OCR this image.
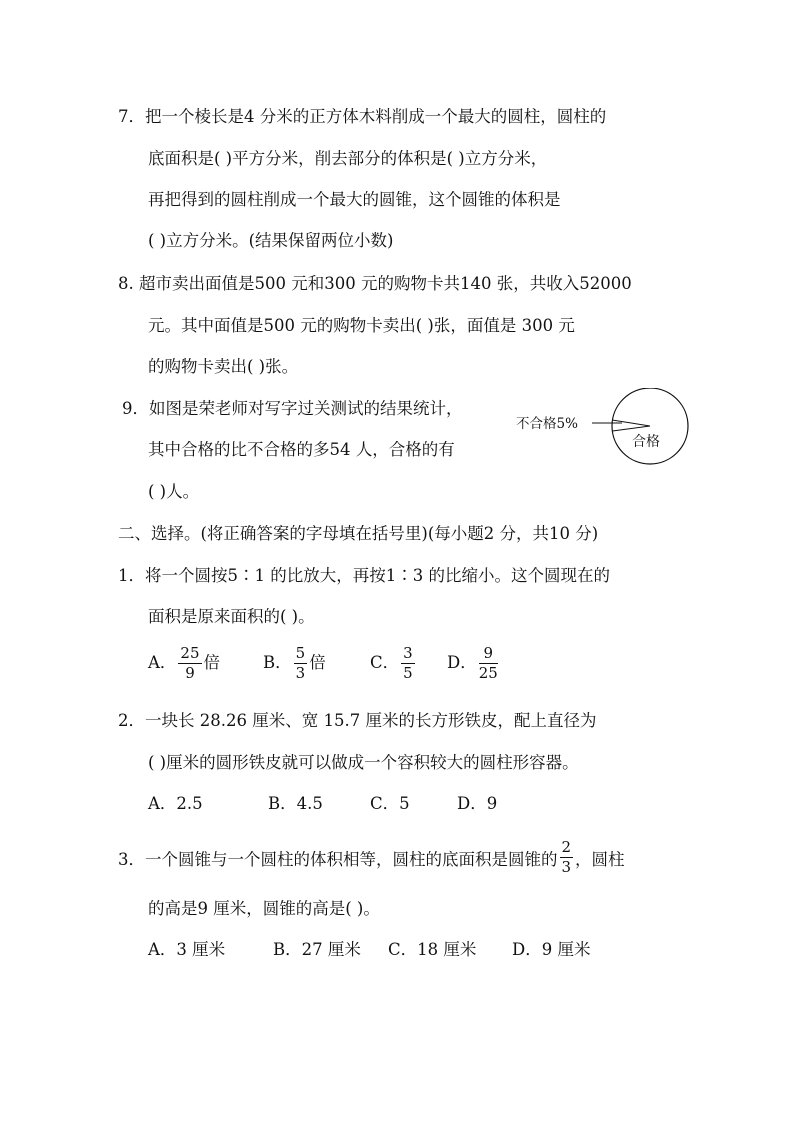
7．把一个棱长是4 分米的正方体木料削成一个最大的圆柱，圆柱的
底面积是( )平方分米，削去部分的体积是( )立方分米，
再把得到的圆柱削成一个最大的圆锥，这个圆锥的体积是
( )立方分米。(结果保留两位小数)
8. 超市卖出面值是500 元和300 元的购物卡共140 张，共收入52000
元。其中面值是500 元的购物卡卖出( )张，面值是 300 元
的购物卡卖出( )张。
9．如图是荣老师对写字过关测试的结果统计，
其中合格的比不合格的多54 人，合格的有
( )人。
不合格5%
合格
二、选择。(将正确答案的字母填在括号里)(每小题2 分，共10 分)
1．将一个圆按5∶1 的比放大，再按1∶3 的比缩小。这个圆现在的
面积是原来面积的( )。
A． $\frac{25}{9}$ 倍	B． $\frac{5}{3}$ 倍	C． $\frac{3}{5}$ D． $\frac{9}{25}$
2．一块长 28.26 厘米、宽 15.7 厘米的长方形铁皮，配上直径为
( )厘米的圆形铁皮就可以做成一个容积较大的圆柱形容器。
A．2.5	B．4.5	C．5	D．9
3．一个圆锥与一个圆柱的体积相等，圆柱的底面积是圆锥的 $\frac{2}{3}$ ，圆柱
的高是9 厘米，圆锥的高是( )。
A．3 厘米	B．27 厘米 C．18 厘米 D．9 厘米
